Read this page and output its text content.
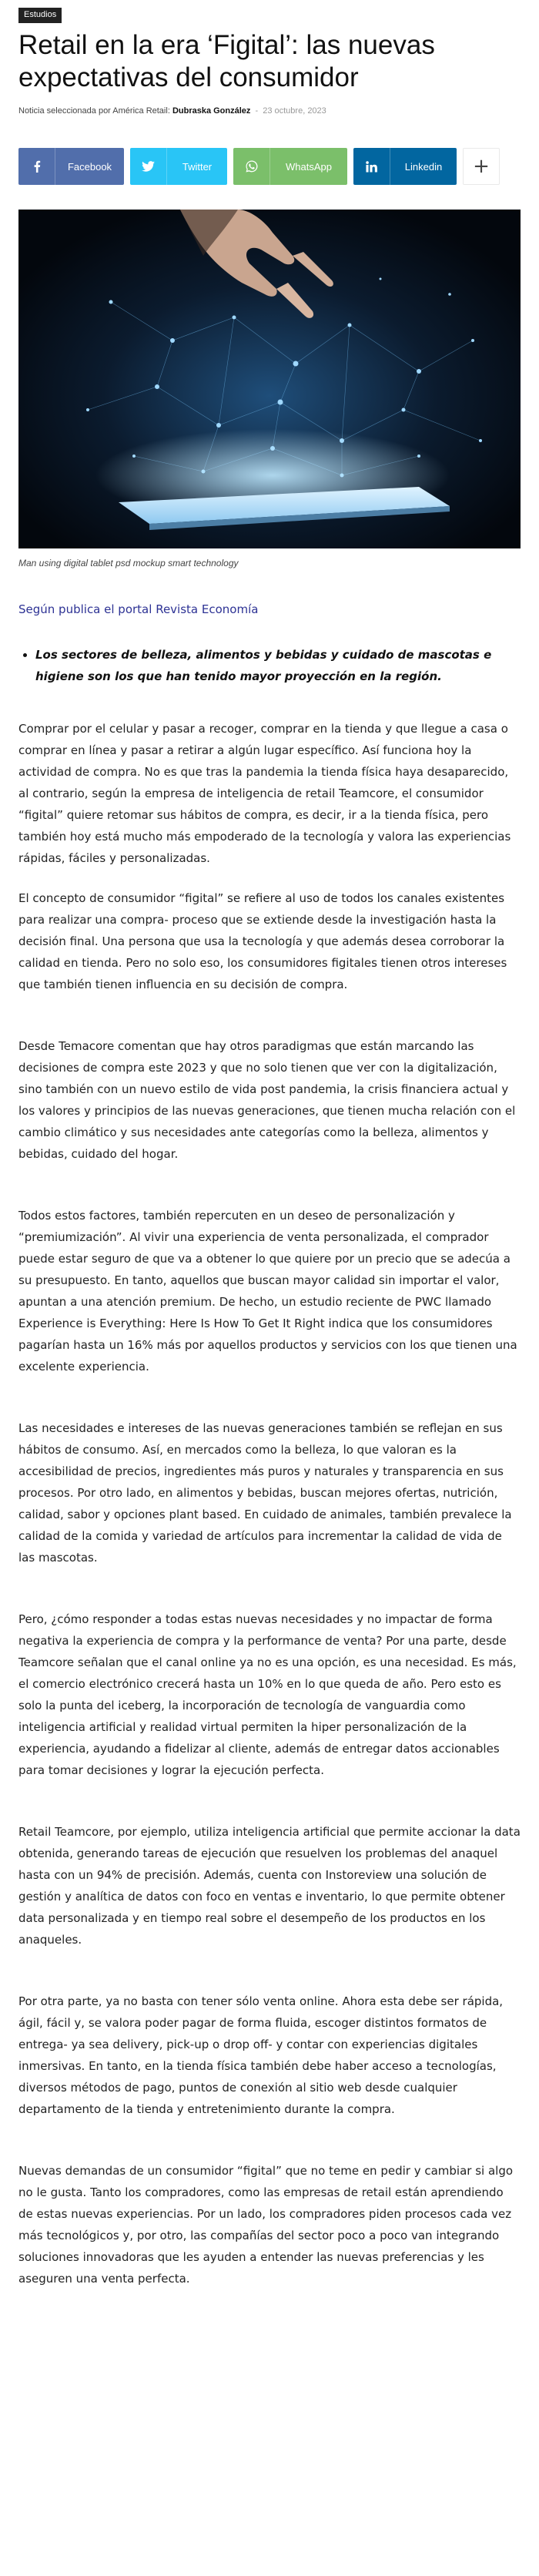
Estudios
Retail en la era ‘Figital’: las nuevas expectativas del consumidor
Noticia seleccionada por América Retail: Dubraska González - 23 octubre, 2023
Facebook	Twitter	WhatsApp	Linkedin	+
Man using digital tablet psd mockup smart technology

Según publica el portal Revista Economía

• Los sectores de belleza, alimentos y bebidas y cuidado de mascotas e higiene son los que han tenido mayor proyección en la región.

Comprar por el celular y pasar a recoger, comprar en la tienda y que llegue a casa o comprar en línea y pasar a retirar a algún lugar específico. Así funciona hoy la actividad de compra. No es que tras la pandemia la tienda física haya desaparecido, al contrario, según la empresa de inteligencia de retail Teamcore, el consumidor “figital” quiere retomar sus hábitos de compra, es decir, ir a la tienda física, pero también hoy está mucho más empoderado de la tecnología y valora las experiencias rápidas, fáciles y personalizadas.

El concepto de consumidor “figital” se refiere al uso de todos los canales existentes para realizar una compra- proceso que se extiende desde la investigación hasta la decisión final. Una persona que usa la tecnología y que además desea corroborar la calidad en tienda. Pero no solo eso, los consumidores figitales tienen otros intereses que también tienen influencia en su decisión de compra.

Desde Temacore comentan que hay otros paradigmas que están marcando las decisiones de compra este 2023 y que no solo tienen que ver con la digitalización, sino también con un nuevo estilo de vida post pandemia, la crisis financiera actual y los valores y principios de las nuevas generaciones, que tienen mucha relación con el cambio climático y sus necesidades ante categorías como la belleza, alimentos y bebidas, cuidado del hogar.

Todos estos factores, también repercuten en un deseo de personalización y “premiumización”. Al vivir una experiencia de venta personalizada, el comprador puede estar seguro de que va a obtener lo que quiere por un precio que se adecúa a su presupuesto. En tanto, aquellos que buscan mayor calidad sin importar el valor, apuntan a una atención premium. De hecho, un estudio reciente de PWC llamado Experience is Everything: Here Is How To Get It Right indica que los consumidores pagarían hasta un 16% más por aquellos productos y servicios con los que tienen una excelente experiencia.

Las necesidades e intereses de las nuevas generaciones también se reflejan en sus hábitos de consumo. Así, en mercados como la belleza, lo que valoran es la accesibilidad de precios, ingredientes más puros y naturales y transparencia en sus procesos. Por otro lado, en alimentos y bebidas, buscan mejores ofertas, nutrición, calidad, sabor y opciones plant based. En cuidado de animales, también prevalece la calidad de la comida y variedad de artículos para incrementar la calidad de vida de las mascotas.

Pero, ¿cómo responder a todas estas nuevas necesidades y no impactar de forma negativa la experiencia de compra y la performance de venta? Por una parte, desde Teamcore señalan que el canal online ya no es una opción, es una necesidad. Es más, el comercio electrónico crecerá hasta un 10% en lo que queda de año. Pero esto es solo la punta del iceberg, la incorporación de tecnología de vanguardia como inteligencia artificial y realidad virtual permiten la hiper personalización de la experiencia, ayudando a fidelizar al cliente, además de entregar datos accionables para tomar decisiones y lograr la ejecución perfecta.

Retail Teamcore, por ejemplo, utiliza inteligencia artificial que permite accionar la data obtenida, generando tareas de ejecución que resuelven los problemas del anaquel hasta con un 94% de precisión. Además, cuenta con Instoreview una solución de gestión y analítica de datos con foco en ventas e inventario, lo que permite obtener data personalizada y en tiempo real sobre el desempeño de los productos en los anaqueles.

Por otra parte, ya no basta con tener sólo venta online. Ahora esta debe ser rápida, ágil, fácil y, se valora poder pagar de forma fluida, escoger distintos formatos de entrega- ya sea delivery, pick-up o drop off- y contar con experiencias digitales inmersivas. En tanto, en la tienda física también debe haber acceso a tecnologías, diversos métodos de pago, puntos de conexión al sitio web desde cualquier departamento de la tienda y entretenimiento durante la compra.

Nuevas demandas de un consumidor “figital” que no teme en pedir y cambiar si algo no le gusta. Tanto los compradores, como las empresas de retail están aprendiendo de estas nuevas experiencias. Por un lado, los compradores piden procesos cada vez más tecnológicos y, por otro, las compañías del sector poco a poco van integrando soluciones innovadoras que les ayuden a entender las nuevas preferencias y les aseguren una venta perfecta.
